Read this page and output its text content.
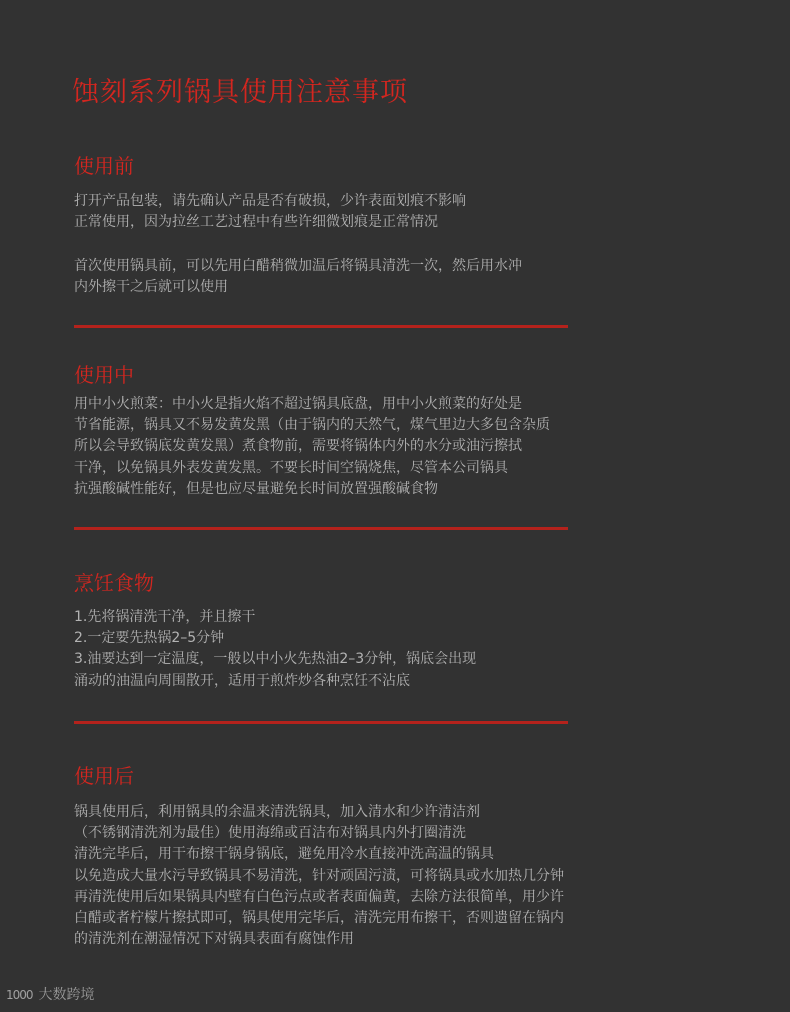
蚀刻系列锅具使用注意事项
使用前
打开产品包装，请先确认产品是否有破损，少许表面划痕不影响
正常使用，因为拉丝工艺过程中有些许细微划痕是正常情况
首次使用锅具前，可以先用白醋稍微加温后将锅具清洗一次，然后用水冲
内外擦干之后就可以使用
使用中
用中小火煎菜：中小火是指火焰不超过锅具底盘，用中小火煎菜的好处是
节省能源，锅具又不易发黄发黑（由于锅内的天然气，煤气里边大多包含杂质
所以会导致锅底发黄发黑）煮食物前，需要将锅体内外的水分或油污擦拭
干净，以免锅具外表发黄发黑。不要长时间空锅烧焦，尽管本公司锅具
抗强酸碱性能好，但是也应尽量避免长时间放置强酸碱食物
烹饪食物
1.先将锅清洗干净，并且擦干
2.一定要先热锅2–5分钟
3.油要达到一定温度，一般以中小火先热油2–3分钟，锅底会出现
涌动的油温向周围散开，适用于煎炸炒各种烹饪不沾底
使用后
锅具使用后，利用锅具的余温来清洗锅具，加入清水和少许清洁剂
（不锈钢清洗剂为最佳）使用海绵或百洁布对锅具内外打圈清洗
清洗完毕后，用干布擦干锅身锅底，避免用冷水直接冲洗高温的锅具
以免造成大量水污导致锅具不易清洗，针对顽固污渍，可将锅具或水加热几分钟
再清洗使用后如果锅具内壁有白色污点或者表面偏黄，去除方法很简单，用少许
白醋或者柠檬片擦拭即可，锅具使用完毕后，清洗完用布擦干，否则遗留在锅内
的清洗剂在潮湿情况下对锅具表面有腐蚀作用
1000 大数跨境
